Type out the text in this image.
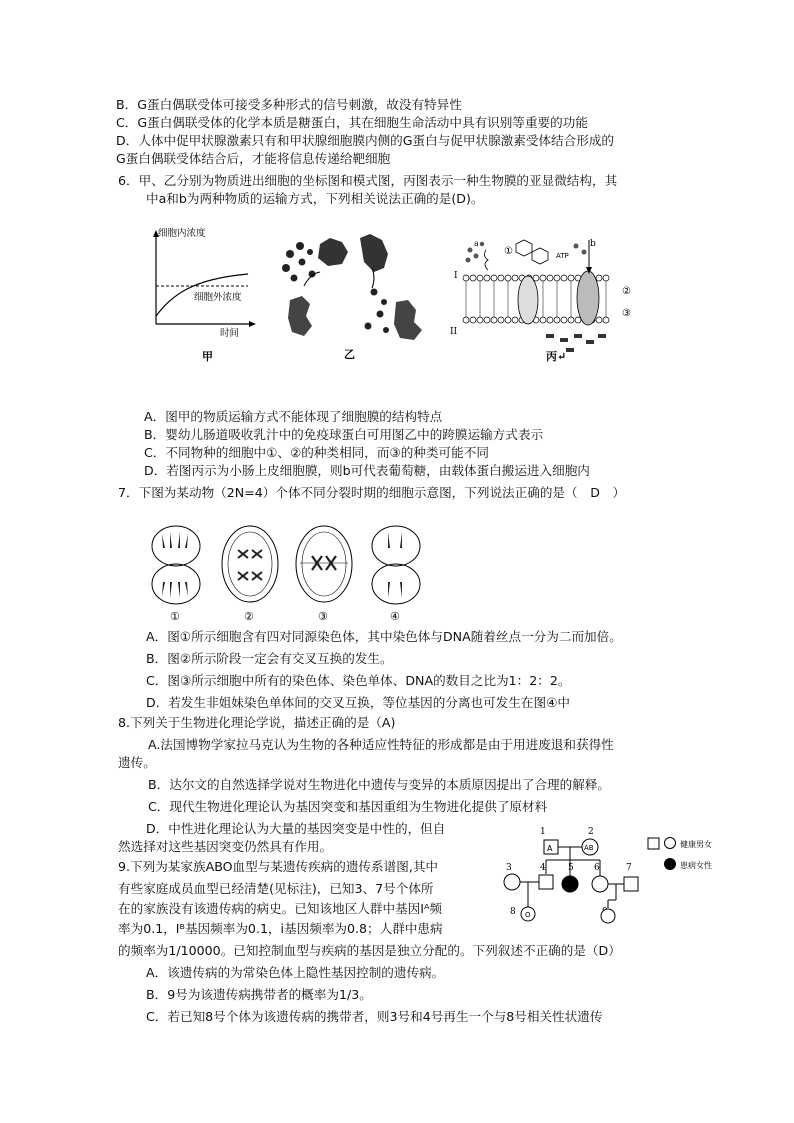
B．G蛋白偶联受体可接受多种形式的信号刺激，故没有特异性
C．G蛋白偶联受体的化学本质是糖蛋白，其在细胞生命活动中具有识别等重要的功能
D．人体中促甲状腺激素只有和甲状腺细胞膜内侧的G蛋白与促甲状腺激素受体结合形成的
G蛋白偶联受体结合后，才能将信息传递给靶细胞
6．甲、乙分别为物质进出细胞的坐标图和模式图，丙图表示一种生物膜的亚显微结构，其
中a和b为两种物质的运输方式，下列相关说法正确的是(D)。
细胞内浓度
细胞外浓度
时间
甲	乙
I
II
a	b
ATP
①
②
③
丙↵
A．图甲的物质运输方式不能体现了细胞膜的结构特点
B．婴幼儿肠道吸收乳汁中的免疫球蛋白可用图乙中的跨膜运输方式表示
C．不同物种的细胞中①、②的种类相同，而③的种类可能不同
D．若图丙示为小肠上皮细胞膜，则b可代表葡萄糖，由载体蛋白搬运进入细胞内
7．下图为某动物（2N=4）个体不同分裂时期的细胞示意图，下列说法正确的是（　D　）
①	②	③	④
A．图①所示细胞含有四对同源染色体，其中染色体与DNA随着丝点一分为二而加倍。
B．图②所示阶段一定会有交叉互换的发生。
C．图③所示细胞中所有的染色体、染色单体、DNA的数目之比为1：2：2。
D．若发生非姐妹染色单体间的交叉互换，等位基因的分离也可发生在图④中
8.下列关于生物进化理论学说，描述正确的是（A)
A.法国博物学家拉马克认为生物的各种适应性特征的形成都是由于用进废退和获得性
遗传。
B．达尔文的自然选择学说对生物进化中遗传与变异的本质原因提出了合理的解释。
C．现代生物进化理论认为基因突变和基因重组为生物进化提供了原材料
D．中性进化理论认为大量的基因突变是中性的，但自
然选择对这些基因突变仍然具有作用。
9.下列为某家族ABO血型与某遗传疾病的遗传系谱图,其中
有些家庭成员血型已经清楚(见标注)，已知3、7号个体所
在的家族没有该遗传病的病史。已知该地区人群中基因Iᴬ频
率为0.1，Iᴮ基因频率为0.1，i基因频率为0.8；人群中患病
的频率为1/10000。已知控制血型与疾病的基因是独立分配的。下列叙述不正确的是（D）
A．该遗传病的为常染色体上隐性基因控制的遗传病。
B．9号为该遗传病携带者的概率为1/3。
C．若已知8号个体为该遗传病的携带者，则3号和4号再生一个与8号相关性状遗传
1	2
3	4 5 6	7
8
A	AB
O
健康男女
患病女性
